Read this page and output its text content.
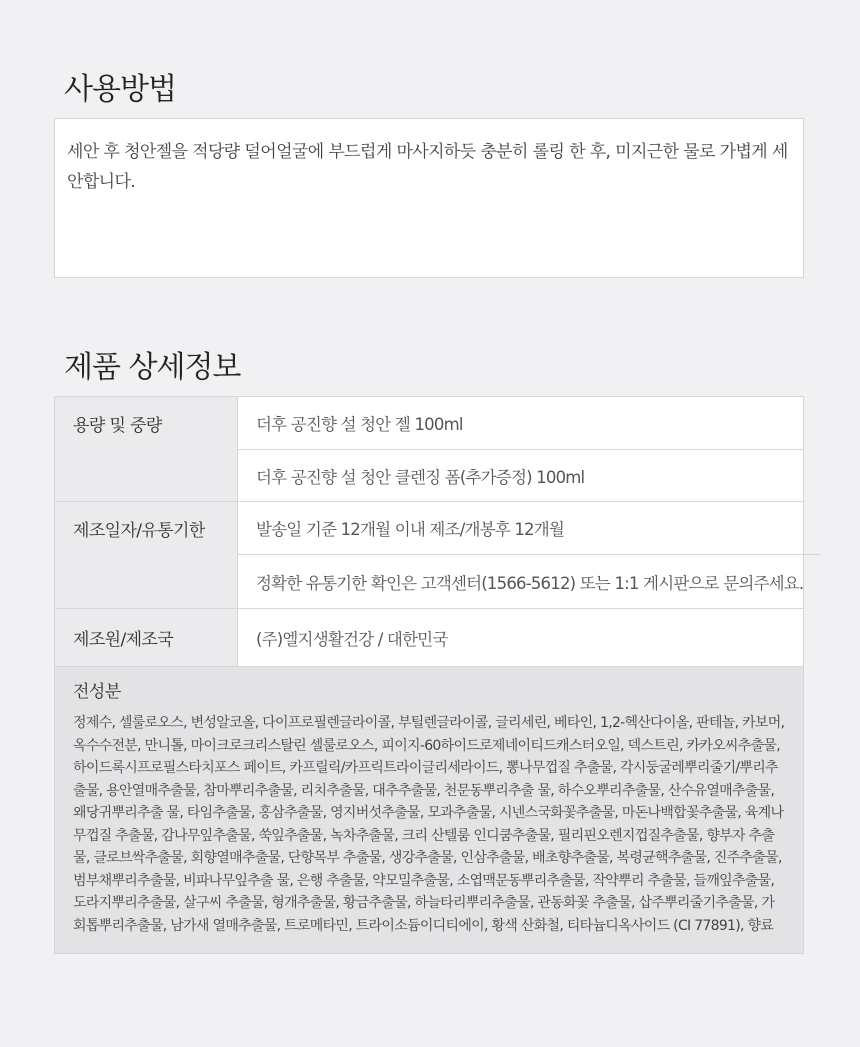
사용방법

세안 후 청안젤을 적당량 덜어얼굴에 부드럽게 마사지하듯 충분히 롤링 한 후, 미지근한 물로 가볍게 세안합니다.

제품 상세정보
용량 및 중량	더후 공진향 설 청안 젤 100ml
더후 공진향 설 청안 클렌징 폼(추가증정) 100ml
제조일자/유통기한	발송일 기준 12개월 이내 제조/개봉후 12개월
정확한 유통기한 확인은 고객센터(1566-5612) 또는 1:1 게시판으로 문의주세요.
제조원/제조국	(주)엘지생활건강 / 대한민국
전성분

정제수, 셀룰로오스, 변성알코올, 다이프로필렌글라이콜, 부틸렌글라이콜, 글리세린, 베타인, 1,2-헥산다이올, 판테놀, 카보머, 옥수수전분, 만니톨, 마이크로크리스탈린 셀룰로오스, 피이지-60하이드로제네이티드캐스터오일, 덱스트린, 카카오씨추출물, 하이드록시프로필스타치포스 페이트, 카프릴릭/카프릭트라이글리세라이드, 뽕나무껍질 추출물, 각시둥굴레뿌리줄기/뿌리추출물, 용안열매추출물, 참마뿌리추출물, 리치추출물, 대추추출물, 천문동뿌리추출 물, 하수오뿌리추출물, 산수유열매추출물, 왜당귀뿌리추출 물, 타임추출물, 홍삼추출물, 영지버섯추출물, 모과추출물, 시넨스국화꽃추출물, 마돈나백합꽃추출물, 육계나무껍질 추출물, 감나무잎추출물, 쑥잎추출물, 녹차추출물, 크리 산텔룸 인디쿰추출물, 필리핀오렌지껍질추출물, 향부자 추출물, 클로브싹추출물, 회향열매추출물, 단향목부 추출물, 생강추출물, 인삼추출물, 배초향추출물, 복령균핵추출물, 진주추출물, 범부채뿌리추출물, 비파나무잎추출 물, 은행 추출물, 약모밀추출물, 소엽맥문동뿌리추출물, 작약뿌리 추출물, 들깨잎추출물, 도라지뿌리추출물, 살구씨 추출물, 형개추출물, 황금추출물, 하늘타리뿌리추출물, 관동화꽃 추출물, 삽주뿌리줄기추출물, 가회톱뿌리추출물, 남가새 열매추출물, 트로메타민, 트라이소듐이디티에이, 황색 산화철, 티타늄디옥사이드 (CI 77891), 향료
